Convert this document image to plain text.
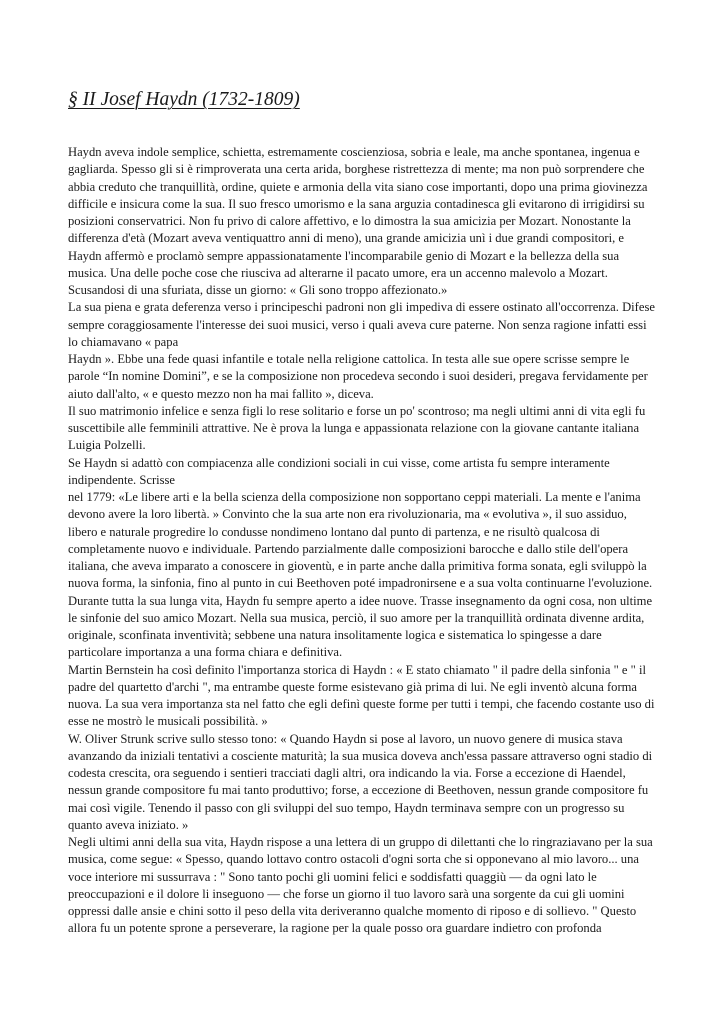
§ II Josef Haydn (1732-1809)

Haydn aveva indole semplice, schietta, estremamente coscienziosa, sobria e leale, ma anche spontanea, ingenua e gagliarda. Spesso gli si è rimproverata una certa arida, borghese ristrettezza di mente; ma non può sorprendere che abbia creduto che tranquillità, ordine, quiete e armonia della vita siano cose importanti, dopo una prima giovinezza difficile e insicura come la sua. Il suo fresco umorismo e la sana arguzia contadinesca gli evitarono di irrigidirsi su posizioni conservatrici. Non fu privo di calore affettivo, e lo dimostra la sua amicizia per Mozart. Nonostante la differenza d'età (Mozart aveva ventiquattro anni di meno), una grande amicizia unì i due grandi compositori, e Haydn affermò e proclamò sempre appassionatamente l'incomparabile genio di Mozart e la bellezza della sua musica. Una delle poche cose che riusciva ad alterarne il pacato umore, era un accenno malevolo a Mozart. Scusandosi di una sfuriata, disse un giorno: « Gli sono troppo affezionato.»

La sua piena e grata deferenza verso i principeschi padroni non gli impediva di essere ostinato all'occorrenza. Difese sempre coraggiosamente l'interesse dei suoi musici, verso i quali aveva cure paterne. Non senza ragione infatti essi lo chiamavano « papa

Haydn ». Ebbe una fede quasi infantile e totale nella religione cattolica. In testa alle sue opere scrisse sempre le parole “In nomine Domini”, e se la composizione non procedeva secondo i suoi desideri, pregava fervidamente per aiuto dall'alto, « e questo mezzo non ha mai fallito », diceva.

Il suo matrimonio infelice e senza figli lo rese solitario e forse un po' scontroso; ma negli ultimi anni di vita egli fu suscettibile alle femminili attrattive. Ne è prova la lunga e appassionata relazione con la giovane cantante italiana Luigia Polzelli.

Se Haydn si adattò con compiacenza alle condizioni sociali in cui visse, come artista fu sempre interamente indipendente. Scrisse

nel 1779: «Le libere arti e la bella scienza della composizione non sopportano ceppi materiali. La mente e l'anima devono avere la loro libertà. » Convinto che la sua arte non era rivoluzionaria, ma « evolutiva », il suo assiduo, libero e naturale progredire lo condusse nondimeno lontano dal punto di partenza, e ne risultò qualcosa di completamente nuovo e individuale. Partendo parzialmente dalle composizioni barocche e dallo stile dell'opera italiana, che aveva imparato a conoscere in gioventù, e in parte anche dalla primitiva forma sonata, egli sviluppò la nuova forma, la sinfonia, fino al punto in cui Beethoven poté impadronirsene e a sua volta continuarne l'evoluzione.

Durante tutta la sua lunga vita, Haydn fu sempre aperto a idee nuove. Trasse insegnamento da ogni cosa, non ultime le sinfonie del suo amico Mozart. Nella sua musica, perciò, il suo amore per la tranquillità ordinata divenne ardita, originale, sconfinata inventività; sebbene una natura insolitamente logica e sistematica lo spingesse a dare particolare importanza a una forma chiara e definitiva.

Martin Bernstein ha così definito l'importanza storica di Haydn : « E stato chiamato " il padre della sinfonia " e " il padre del quartetto d'archi ", ma entrambe queste forme esistevano già prima di lui. Ne egli inventò alcuna forma nuova. La sua vera importanza sta nel fatto che egli definì queste forme per tutti i tempi, che facendo costante uso di esse ne mostrò le musicali possibilità. »

W. Oliver Strunk scrive sullo stesso tono: « Quando Haydn si pose al lavoro, un nuovo genere di musica stava avanzando da iniziali tentativi a cosciente maturità; la sua musica doveva anch'essa passare attraverso ogni stadio di codesta crescita, ora seguendo i sentieri tracciati dagli altri, ora indicando la via. Forse a eccezione di Haendel, nessun grande compositore fu mai tanto produttivo; forse, a eccezione di Beethoven, nessun grande compositore fu mai così vigile. Tenendo il passo con gli sviluppi del suo tempo, Haydn terminava sempre con un progresso su quanto aveva iniziato. »

Negli ultimi anni della sua vita, Haydn rispose a una lettera di un gruppo di dilettanti che lo ringraziavano per la sua musica, come segue: « Spesso, quando lottavo contro ostacoli d'ogni sorta che si opponevano al mio lavoro... una voce interiore mi sussurrava : " Sono tanto pochi gli uomini felici e soddisfatti quaggiù — da ogni lato le preoccupazioni e il dolore li inseguono — che forse un giorno il tuo lavoro sarà una sorgente da cui gli uomini oppressi dalle ansie e chini sotto il peso della vita deriveranno qualche momento di riposo e di sollievo. " Questo allora fu un potente sprone a perseverare, la ragione per la quale posso ora guardare indietro con profonda
